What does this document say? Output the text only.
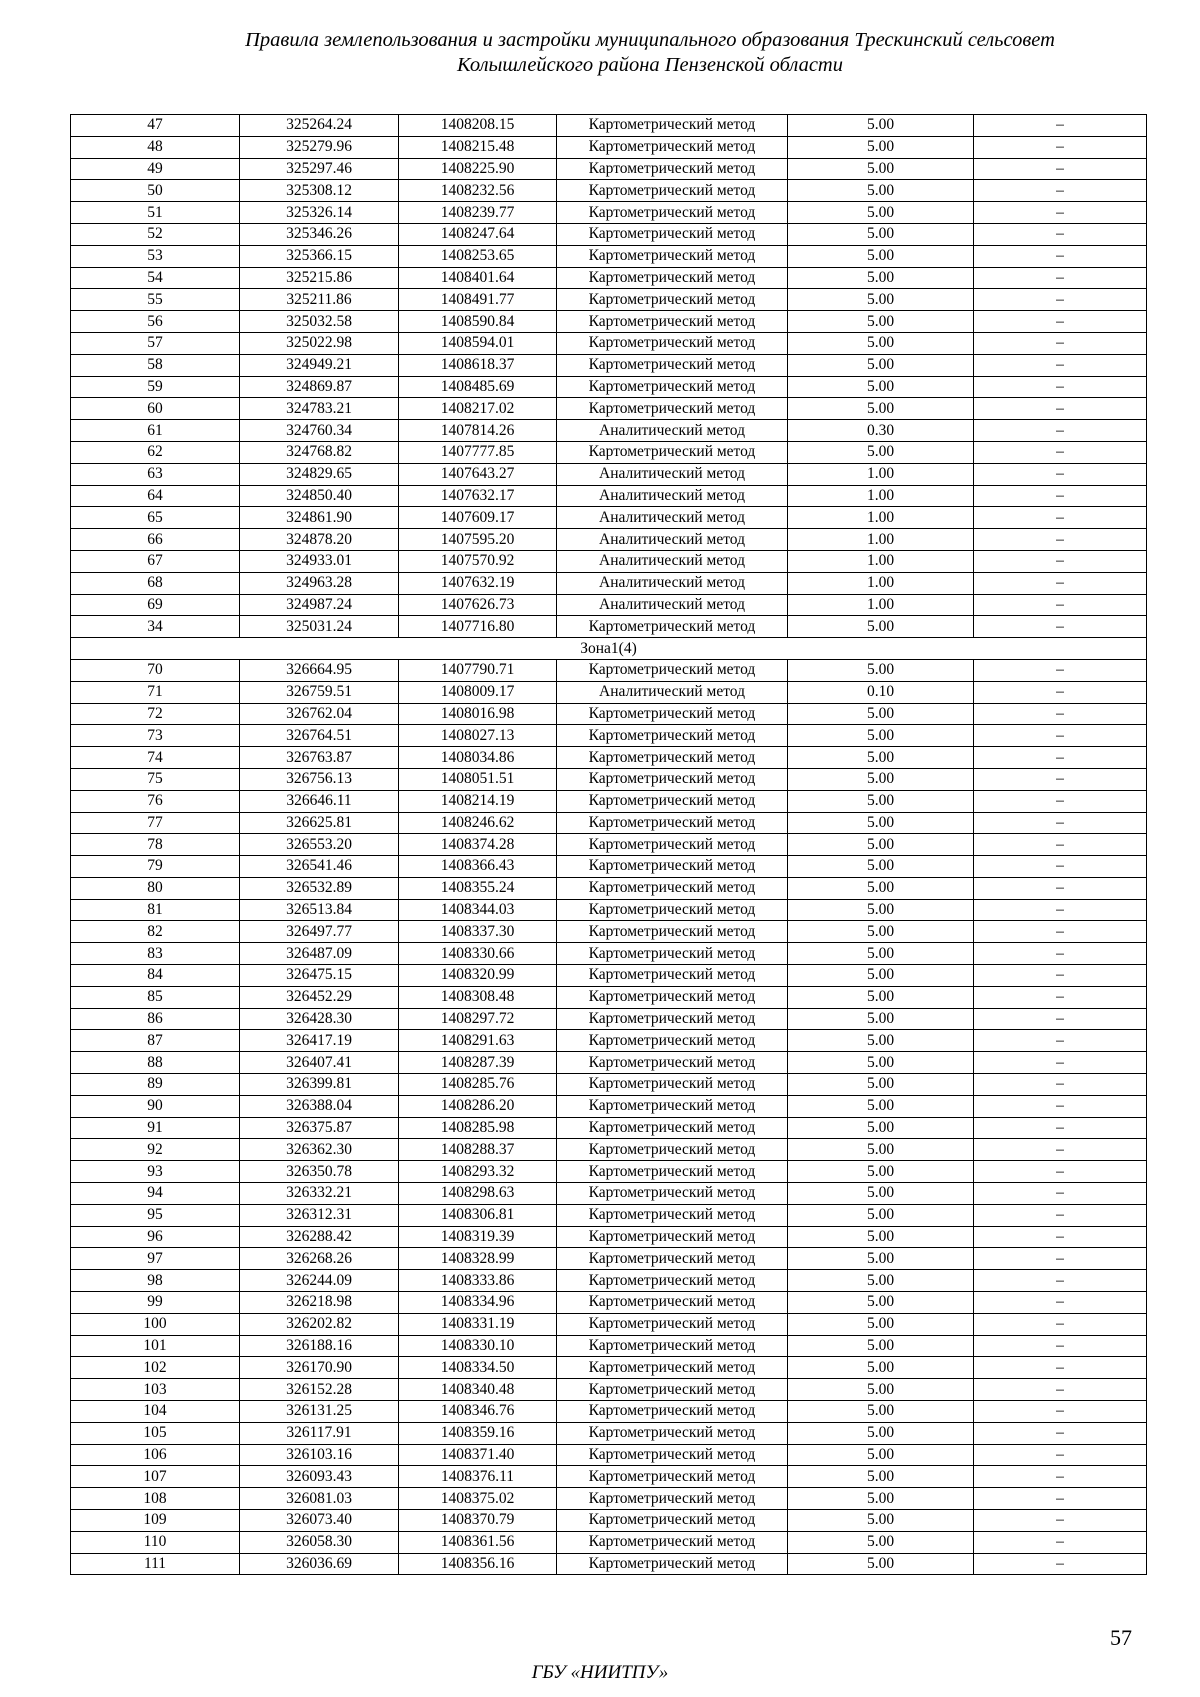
Правила землепользования и застройки муниципального образования Трескинский сельсовет
Колышлейского района Пензенской области
47	325264.24	1408208.15	Картометрический метод	5.00	–
48	325279.96	1408215.48	Картометрический метод	5.00	–
49	325297.46	1408225.90	Картометрический метод	5.00	–
50	325308.12	1408232.56	Картометрический метод	5.00	–
51	325326.14	1408239.77	Картометрический метод	5.00	–
52	325346.26	1408247.64	Картометрический метод	5.00	–
53	325366.15	1408253.65	Картометрический метод	5.00	–
54	325215.86	1408401.64	Картометрический метод	5.00	–
55	325211.86	1408491.77	Картометрический метод	5.00	–
56	325032.58	1408590.84	Картометрический метод	5.00	–
57	325022.98	1408594.01	Картометрический метод	5.00	–
58	324949.21	1408618.37	Картометрический метод	5.00	–
59	324869.87	1408485.69	Картометрический метод	5.00	–
60	324783.21	1408217.02	Картометрический метод	5.00	–
61	324760.34	1407814.26	Аналитический метод	0.30	–
62	324768.82	1407777.85	Картометрический метод	5.00	–
63	324829.65	1407643.27	Аналитический метод	1.00	–
64	324850.40	1407632.17	Аналитический метод	1.00	–
65	324861.90	1407609.17	Аналитический метод	1.00	–
66	324878.20	1407595.20	Аналитический метод	1.00	–
67	324933.01	1407570.92	Аналитический метод	1.00	–
68	324963.28	1407632.19	Аналитический метод	1.00	–
69	324987.24	1407626.73	Аналитический метод	1.00	–
34	325031.24	1407716.80	Картометрический метод	5.00	–
Зона1(4)					
70	326664.95	1407790.71	Картометрический метод	5.00	–
71	326759.51	1408009.17	Аналитический метод	0.10	–
72	326762.04	1408016.98	Картометрический метод	5.00	–
73	326764.51	1408027.13	Картометрический метод	5.00	–
74	326763.87	1408034.86	Картометрический метод	5.00	–
75	326756.13	1408051.51	Картометрический метод	5.00	–
76	326646.11	1408214.19	Картометрический метод	5.00	–
77	326625.81	1408246.62	Картометрический метод	5.00	–
78	326553.20	1408374.28	Картометрический метод	5.00	–
79	326541.46	1408366.43	Картометрический метод	5.00	–
80	326532.89	1408355.24	Картометрический метод	5.00	–
81	326513.84	1408344.03	Картометрический метод	5.00	–
82	326497.77	1408337.30	Картометрический метод	5.00	–
83	326487.09	1408330.66	Картометрический метод	5.00	–
84	326475.15	1408320.99	Картометрический метод	5.00	–
85	326452.29	1408308.48	Картометрический метод	5.00	–
86	326428.30	1408297.72	Картометрический метод	5.00	–
87	326417.19	1408291.63	Картометрический метод	5.00	–
88	326407.41	1408287.39	Картометрический метод	5.00	–
89	326399.81	1408285.76	Картометрический метод	5.00	–
90	326388.04	1408286.20	Картометрический метод	5.00	–
91	326375.87	1408285.98	Картометрический метод	5.00	–
92	326362.30	1408288.37	Картометрический метод	5.00	–
93	326350.78	1408293.32	Картометрический метод	5.00	–
94	326332.21	1408298.63	Картометрический метод	5.00	–
95	326312.31	1408306.81	Картометрический метод	5.00	–
96	326288.42	1408319.39	Картометрический метод	5.00	–
97	326268.26	1408328.99	Картометрический метод	5.00	–
98	326244.09	1408333.86	Картометрический метод	5.00	–
99	326218.98	1408334.96	Картометрический метод	5.00	–
100	326202.82	1408331.19	Картометрический метод	5.00	–
101	326188.16	1408330.10	Картометрический метод	5.00	–
102	326170.90	1408334.50	Картометрический метод	5.00	–
103	326152.28	1408340.48	Картометрический метод	5.00	–
104	326131.25	1408346.76	Картометрический метод	5.00	–
105	326117.91	1408359.16	Картометрический метод	5.00	–
106	326103.16	1408371.40	Картометрический метод	5.00	–
107	326093.43	1408376.11	Картометрический метод	5.00	–
108	326081.03	1408375.02	Картометрический метод	5.00	–
109	326073.40	1408370.79	Картометрический метод	5.00	–
110	326058.30	1408361.56	Картометрический метод	5.00	–
111	326036.69	1408356.16	Картометрический метод	5.00	–
57
ГБУ «НИИТПУ»
